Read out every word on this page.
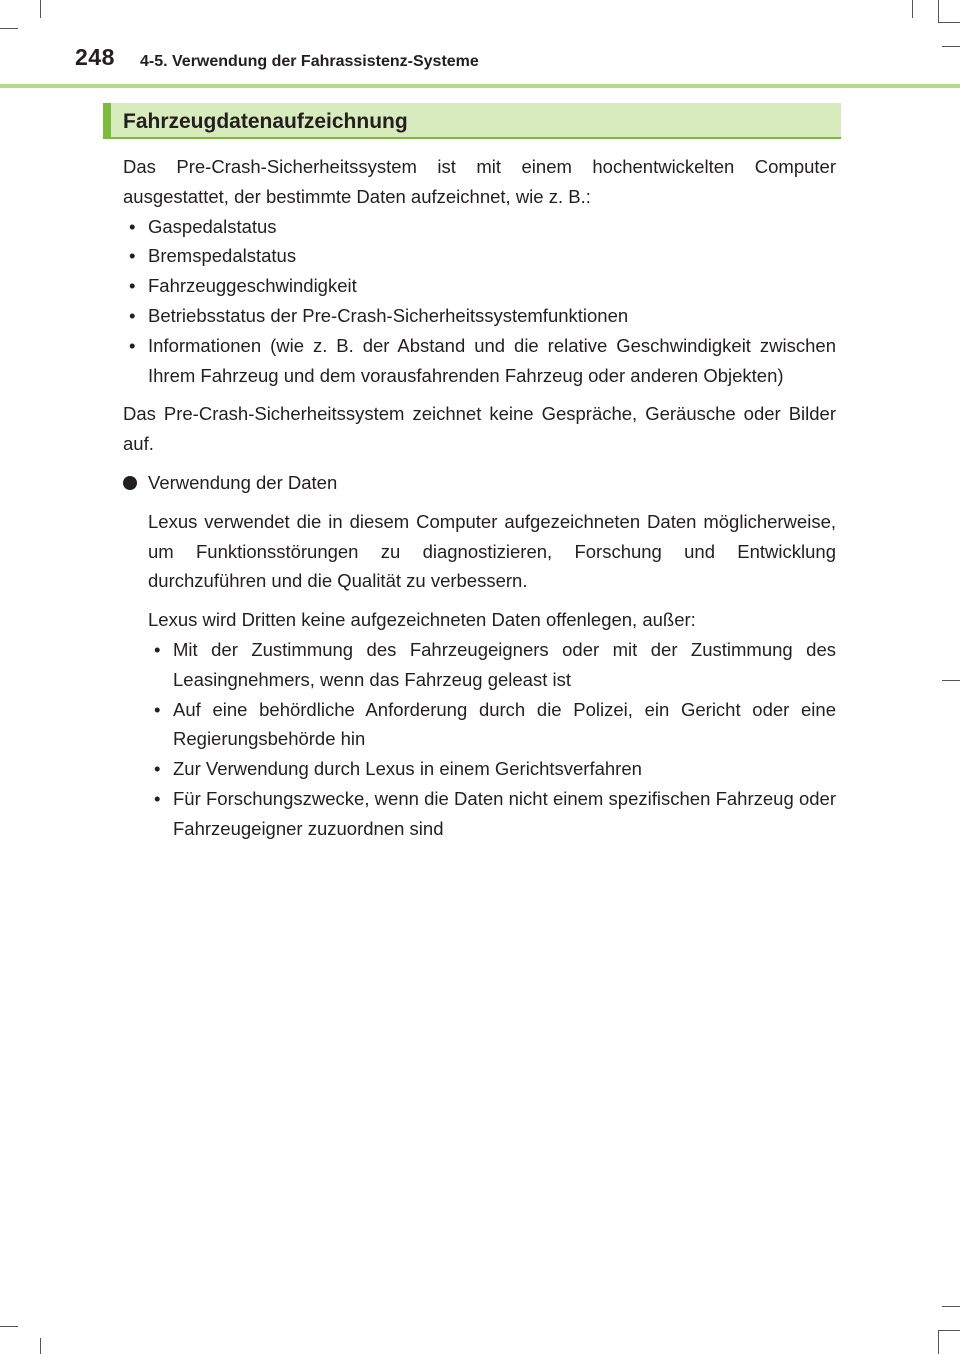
248 4-5. Verwendung der Fahrassistenz-Systeme
Fahrzeugdatenaufzeichnung

Das Pre-Crash-Sicherheitssystem ist mit einem hochentwickelten Computer ausgestattet, der bestimmte Daten aufzeichnet, wie z. B.:

• Gaspedalstatus
• Bremspedalstatus
• Fahrzeuggeschwindigkeit
• Betriebsstatus der Pre-Crash-Sicherheitssystemfunktionen
• Informationen (wie z. B. der Abstand und die relative Geschwindigkeit zwischen Ihrem Fahrzeug und dem vorausfahrenden Fahrzeug oder anderen Objekten)

Das Pre-Crash-Sicherheitssystem zeichnet keine Gespräche, Geräusche oder Bilder auf.

Verwendung der Daten

Lexus verwendet die in diesem Computer aufgezeichneten Daten möglicherweise, um Funktionsstörungen zu diagnostizieren, Forschung und Entwicklung durchzuführen und die Qualität zu verbessern.

Lexus wird Dritten keine aufgezeichneten Daten offenlegen, außer:

• Mit der Zustimmung des Fahrzeugeigners oder mit der Zustimmung des Leasingnehmers, wenn das Fahrzeug geleast ist
• Auf eine behördliche Anforderung durch die Polizei, ein Gericht oder eine Regierungsbehörde hin
• Zur Verwendung durch Lexus in einem Gerichtsverfahren
• Für Forschungszwecke, wenn die Daten nicht einem spezifischen Fahrzeug oder Fahrzeugeigner zuzuordnen sind
